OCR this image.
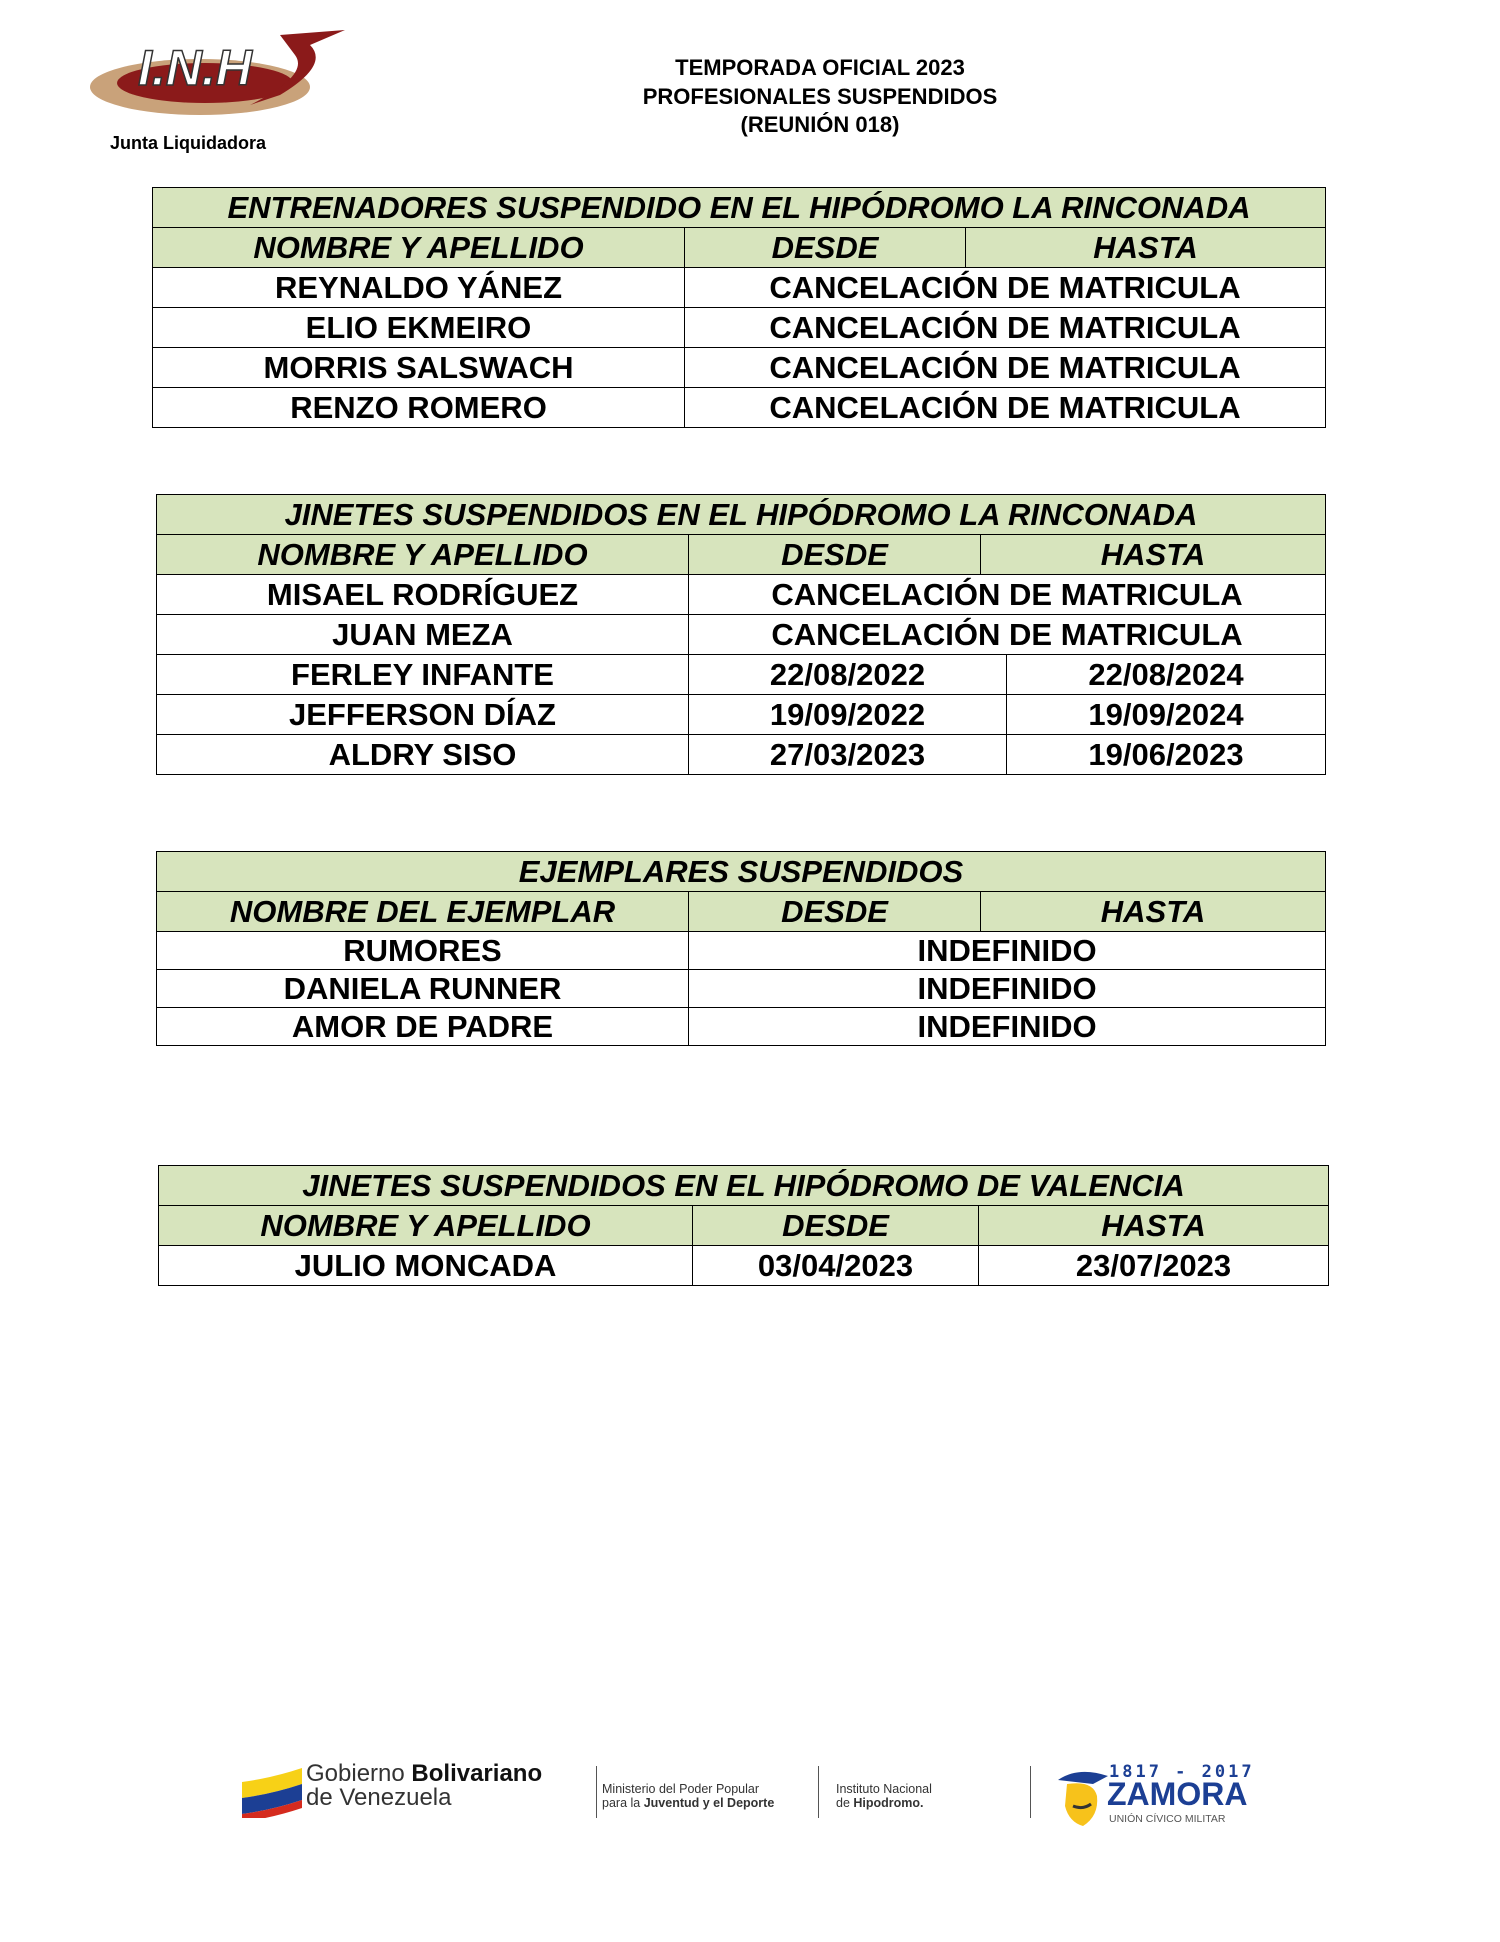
I.N.H
Junta Liquidadora
TEMPORADA OFICIAL 2023
PROFESIONALES SUSPENDIDOS
(REUNIÓN 018)
ENTRENADORES SUSPENDIDO EN EL HIPÓDROMO LA RINCONADA		
NOMBRE Y APELLIDO	DESDE	HASTA
REYNALDO YÁNEZ	CANCELACIÓN DE MATRICULA	
ELIO EKMEIRO	CANCELACIÓN DE MATRICULA	
MORRIS SALSWACH	CANCELACIÓN DE MATRICULA	
RENZO ROMERO	CANCELACIÓN DE MATRICULA	
JINETES SUSPENDIDOS EN EL HIPÓDROMO LA RINCONADA			
NOMBRE Y APELLIDO	DESDE	HASTA	
MISAEL RODRÍGUEZ	CANCELACIÓN DE MATRICULA		
JUAN MEZA	CANCELACIÓN DE MATRICULA		
FERLEY INFANTE	22/08/2022		22/08/2024
JEFFERSON DÍAZ	19/09/2022		19/09/2024
ALDRY SISO	27/03/2023		19/06/2023
EJEMPLARES SUSPENDIDOS		
NOMBRE DEL EJEMPLAR	DESDE	HASTA
RUMORES	INDEFINIDO	
DANIELA RUNNER	INDEFINIDO	
AMOR DE PADRE	INDEFINIDO	
JINETES SUSPENDIDOS EN EL HIPÓDROMO DE VALENCIA		
NOMBRE Y APELLIDO	DESDE	HASTA
JULIO MONCADA	03/04/2023	23/07/2023
Gobierno Bolivariano
de Venezuela	Ministerio del Poder Popular
para la Juventud y el Deporte
Instituto Nacional
de Hipodromo.
1817 - 2017
ZAMORA
UNIÓN CÍVICO MILITAR
